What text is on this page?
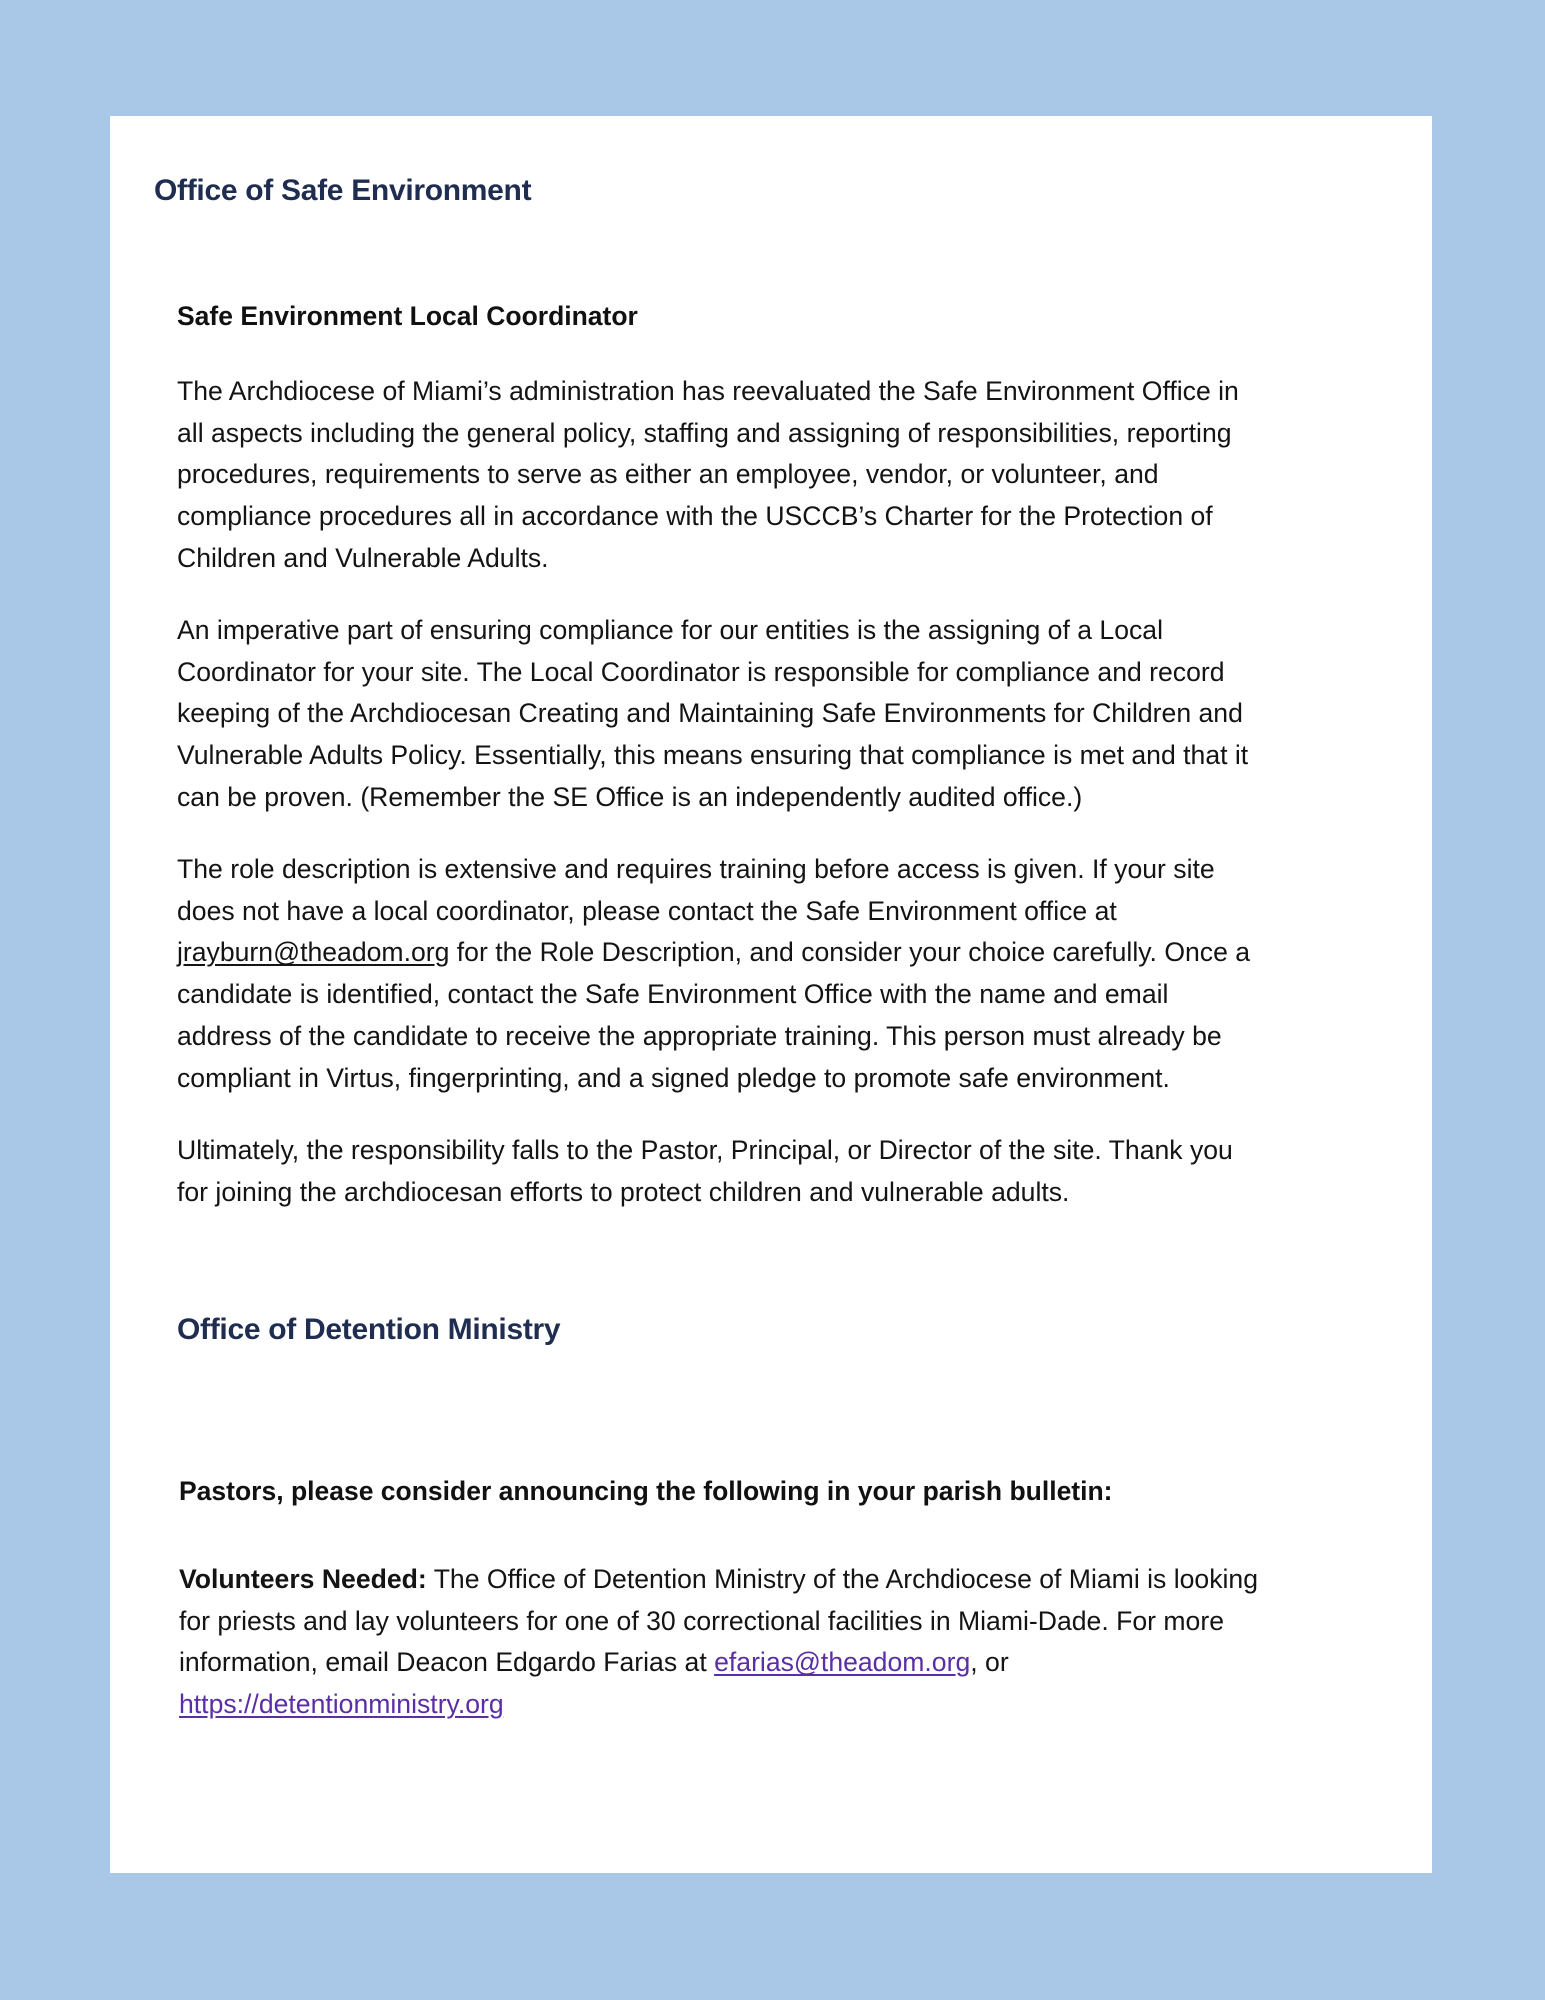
Office of Safe Environment
Safe Environment Local Coordinator

The Archdiocese of Miami’s administration has reevaluated the Safe Environment Office in
all aspects including the general policy, staffing and assigning of responsibilities, reporting
procedures, requirements to serve as either an employee, vendor, or volunteer, and
compliance procedures all in accordance with the USCCB’s Charter for the Protection of
Children and Vulnerable Adults.

An imperative part of ensuring compliance for our entities is the assigning of a Local
Coordinator for your site. The Local Coordinator is responsible for compliance and record
keeping of the Archdiocesan Creating and Maintaining Safe Environments for Children and
Vulnerable Adults Policy. Essentially, this means ensuring that compliance is met and that it
can be proven. (Remember the SE Office is an independently audited office.)

The role description is extensive and requires training before access is given. If your site
does not have a local coordinator, please contact the Safe Environment office at
jrayburn@theadom.org for the Role Description, and consider your choice carefully. Once a
candidate is identified, contact the Safe Environment Office with the name and email
address of the candidate to receive the appropriate training. This person must already be
compliant in Virtus, fingerprinting, and a signed pledge to promote safe environment.

Ultimately, the responsibility falls to the Pastor, Principal, or Director of the site. Thank you
for joining the archdiocesan efforts to protect children and vulnerable adults.

Office of Detention Ministry
Pastors, please consider announcing the following in your parish bulletin:

Volunteers Needed: The Office of Detention Ministry of the Archdiocese of Miami is looking
for priests and lay volunteers for one of 30 correctional facilities in Miami-Dade. For more
information, email Deacon Edgardo Farias at efarias@theadom.org, or
https://detentionministry.org
